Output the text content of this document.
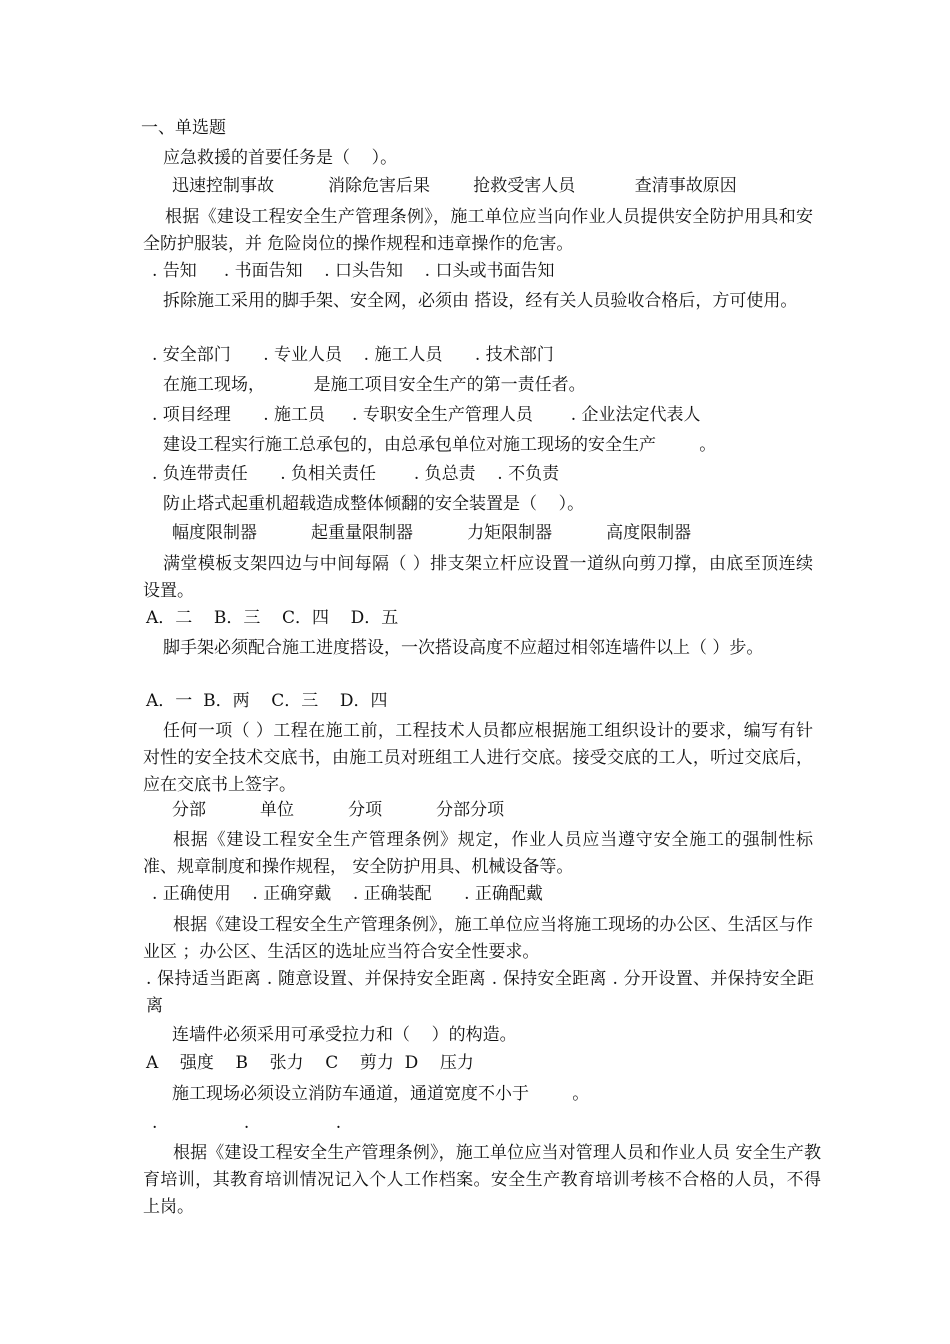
一、单选题

应急救援的首要任务是（    ）。

迅速控制事故          消除危害后果        抢救受害人员           查清事故原因

根据《建设工程安全生产管理条例》，施工单位应当向作业人员提供安全防护用具和安全防护服装，并 危险岗位的操作规程和违章操作的危害。

. 告知     . 书面告知    . 口头告知    . 口头或书面告知

拆除施工采用的脚手架、安全网，必须由 搭设，经有关人员验收合格后，方可使用。

. 安全部门      . 专业人员    . 施工人员      . 技术部门

在施工现场，         是施工项目安全生产的第一责任者。

. 项目经理      . 施工员     . 专职安全生产管理人员       . 企业法定代表人

建设工程实行施工总承包的，由总承包单位对施工现场的安全生产        。

. 负连带责任      . 负相关责任       . 负总责    . 不负责

防止塔式起重机超载造成整体倾翻的安全装置是（    ）。

幅度限制器          起重量限制器          力矩限制器          高度限制器

满堂模板支架四边与中间每隔（ ）排支架立杆应设置一道纵向剪刀撑，由底至顶连续设置。

A．二    B．三    C．四    D．五

脚手架必须配合施工进度搭设，一次搭设高度不应超过相邻连墙件以上（ ）步。

A．一  B．两    C．三    D．四

任何一项（ ）工程在施工前，工程技术人员都应根据施工组织设计的要求，编写有针对性的安全技术交底书，由施工员对班组工人进行交底。接受交底的工人，听过交底后，应在交底书上签字。

分部          单位          分项          分部分项

根据《建设工程安全生产管理条例》规定，作业人员应当遵守安全施工的强制性标准、规章制度和操作规程， 安全防护用具、机械设备等。

. 正确使用    . 正确穿戴    . 正确装配      . 正确配戴

根据《建设工程安全生产管理条例》，施工单位应当将施工现场的办公区、生活区与作业区 ；办公区、生活区的选址应当符合安全性要求。

. 保持适当距离 . 随意设置、并保持安全距离 . 保持安全距离 . 分开设置、并保持安全距离

连墙件必须采用可承受拉力和（    ）的构造。

A    强度    B    张力    C    剪力  D    压力

施工现场必须设立消防车通道，通道宽度不小于        。

.                .                .

根据《建设工程安全生产管理条例》，施工单位应当对管理人员和作业人员 安全生产教育培训，其教育培训情况记入个人工作档案。安全生产教育培训考核不合格的人员，不得上岗。
